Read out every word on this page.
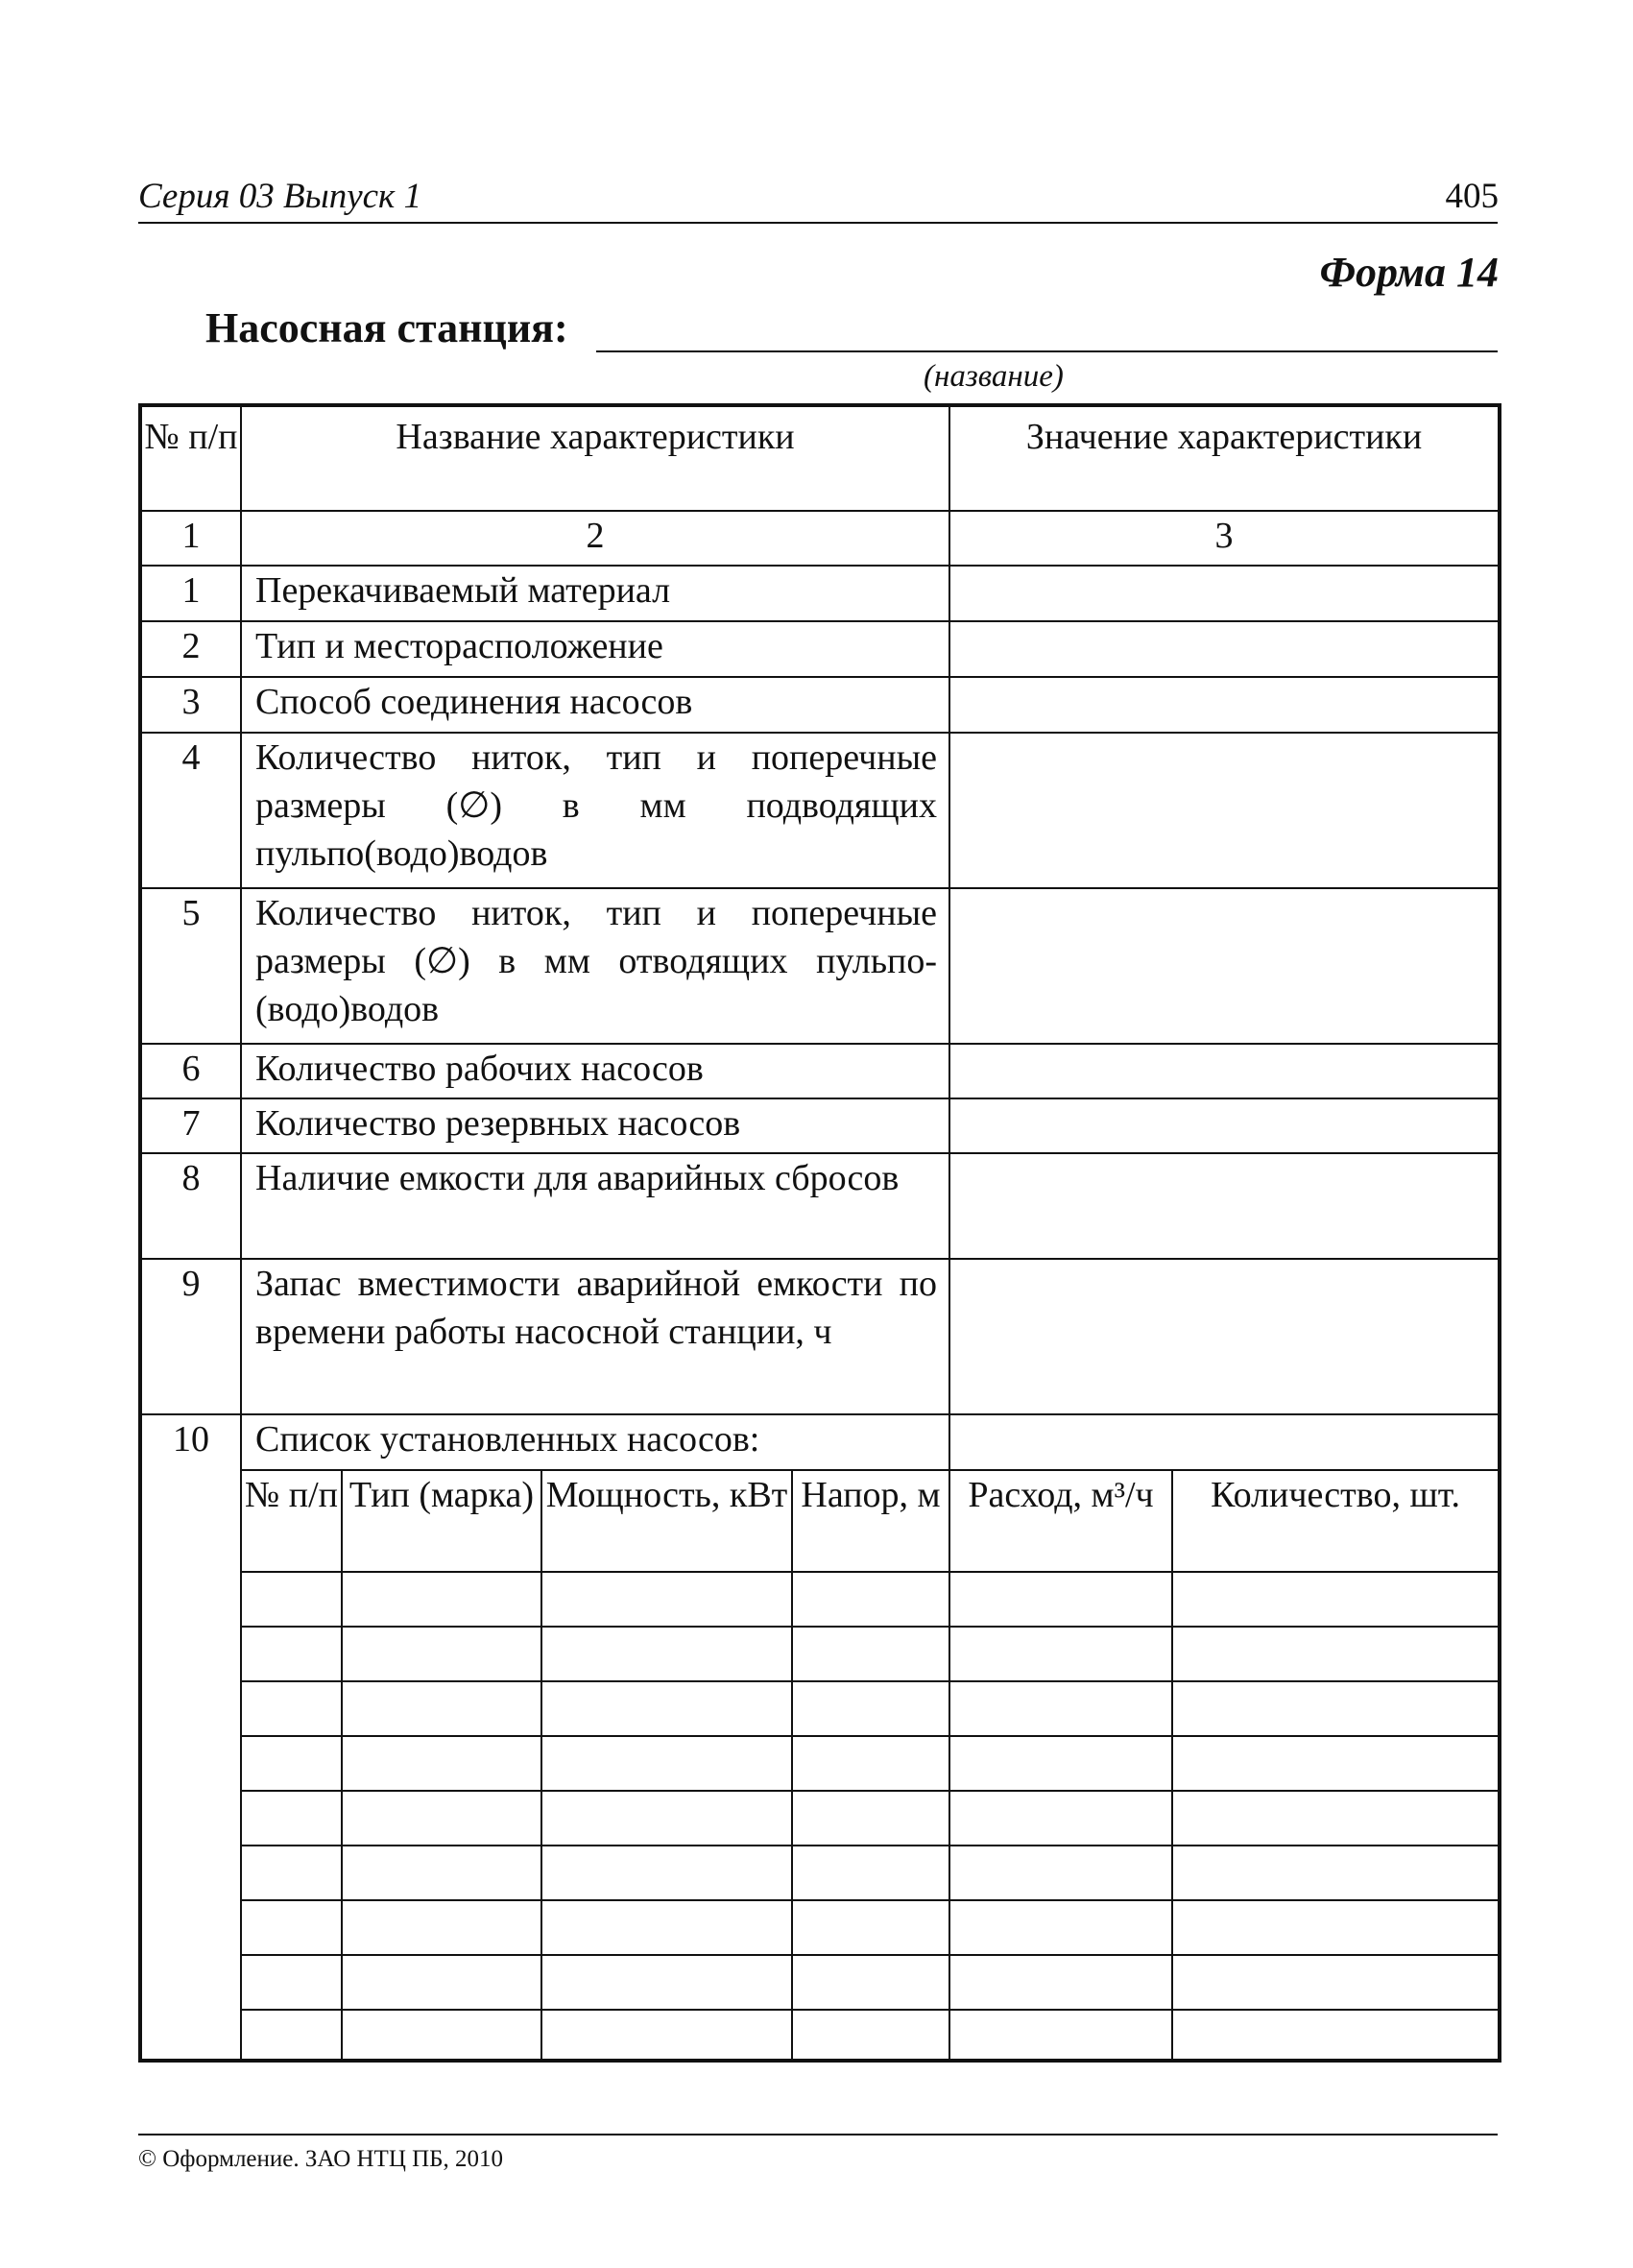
Серия 03 Выпуск 1	405
Форма 14
Насосная станция:
(название)
№ п/п	Название характеристики				Значение характеристики	
1	2				3	
1	Перекачиваемый материал					
2	Тип и месторасположение					
3	Способ соединения насосов					
4	Количество ниток, тип и поперечные размеры (∅) в мм подводящих пульпо(водо)водов					
5	Количество ниток, тип и поперечные размеры (∅) в мм отводящих пульпо-(водо)водов					
6	Количество рабочих насосов					
7	Количество резервных насосов					
8	Наличие емкости для аварийных сбросов					
9	Запас вместимости аварийной емкости по времени работы насосной станции, ч					
10	Список установленных насосов:					
	№ п/п	Тип (марка)	Мощность, кВт	Напор, м	Расход, м³/ч	Количество, шт.

© Оформление. ЗАО НТЦ ПБ, 2010
